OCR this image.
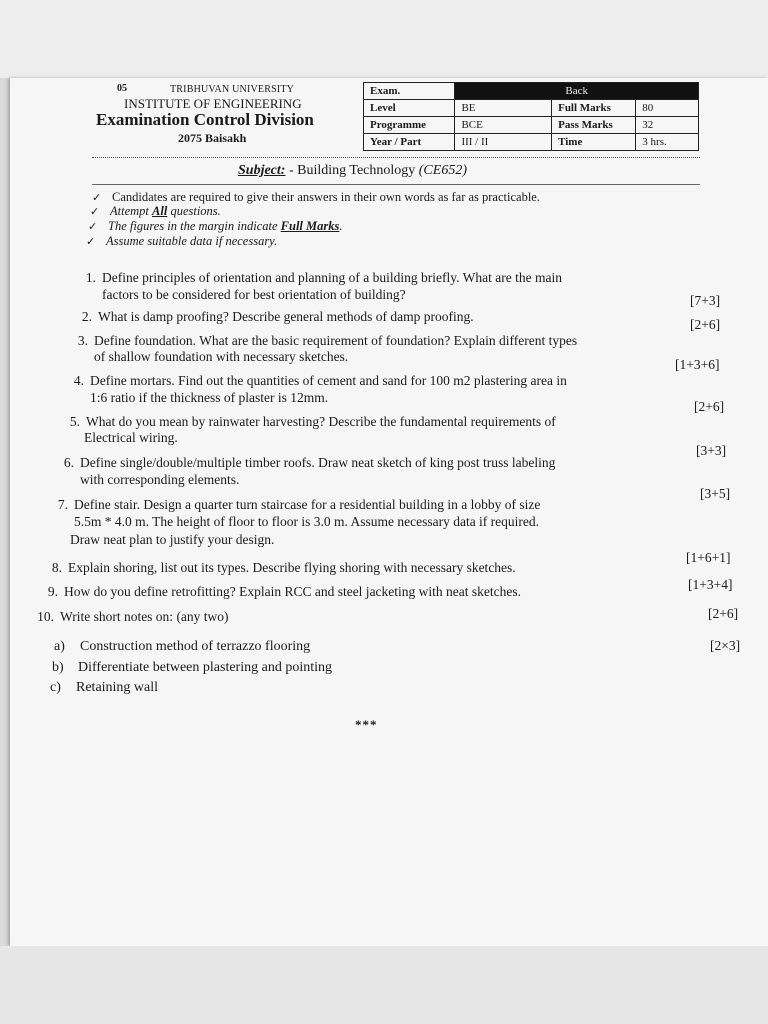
05	TRIBHUVAN UNIVERSITY
INSTITUTE OF ENGINEERING
Examination Control Division
2075 Baisakh
Exam.	Back		
Level	BE	Full Marks	80
Programme	BCE	Pass Marks	32
Year / Part	III / II	Time	3 hrs.
Subject: - Building Technology (CE652)
✓ Candidates are required to give their answers in their own words as far as practicable.
✓ Attempt All questions.
✓ The figures in the margin indicate Full Marks.
✓ Assume suitable data if necessary.
1. Define principles of orientation and planning of a building briefly. What are the main
factors to be considered for best orientation of building?	[7+3]
2. What is damp proofing? Describe general methods of damp proofing.
[2+6]
3. Define foundation. What are the basic requirement of foundation? Explain different types
of shallow foundation with necessary sketches.
[1+3+6]
4. Define mortars. Find out the quantities of cement and sand for 100 m2 plastering area in
1:6 ratio if the thickness of plaster is 12mm.
[2+6]
5. What do you mean by rainwater harvesting? Describe the fundamental requirements of
Electrical wiring.
[3+3]
6. Define single/double/multiple timber roofs. Draw neat sketch of king post truss labeling
with corresponding elements.
[3+5]
7. Define stair. Design a quarter turn staircase for a residential building in a lobby of size
5.5m * 4.0 m. The height of floor to floor is 3.0 m. Assume necessary data if required.
Draw neat plan to justify your design.
[1+6+1]
8. Explain shoring, list out its types. Describe flying shoring with necessary sketches.
[1+3+4]
9. How do you define retrofitting? Explain RCC and steel jacketing with neat sketches.
[2+6]
10. Write short notes on: (any two)
[2×3]
a) Construction method of terrazzo flooring
b) Differentiate between plastering and pointing
c) Retaining wall
***
